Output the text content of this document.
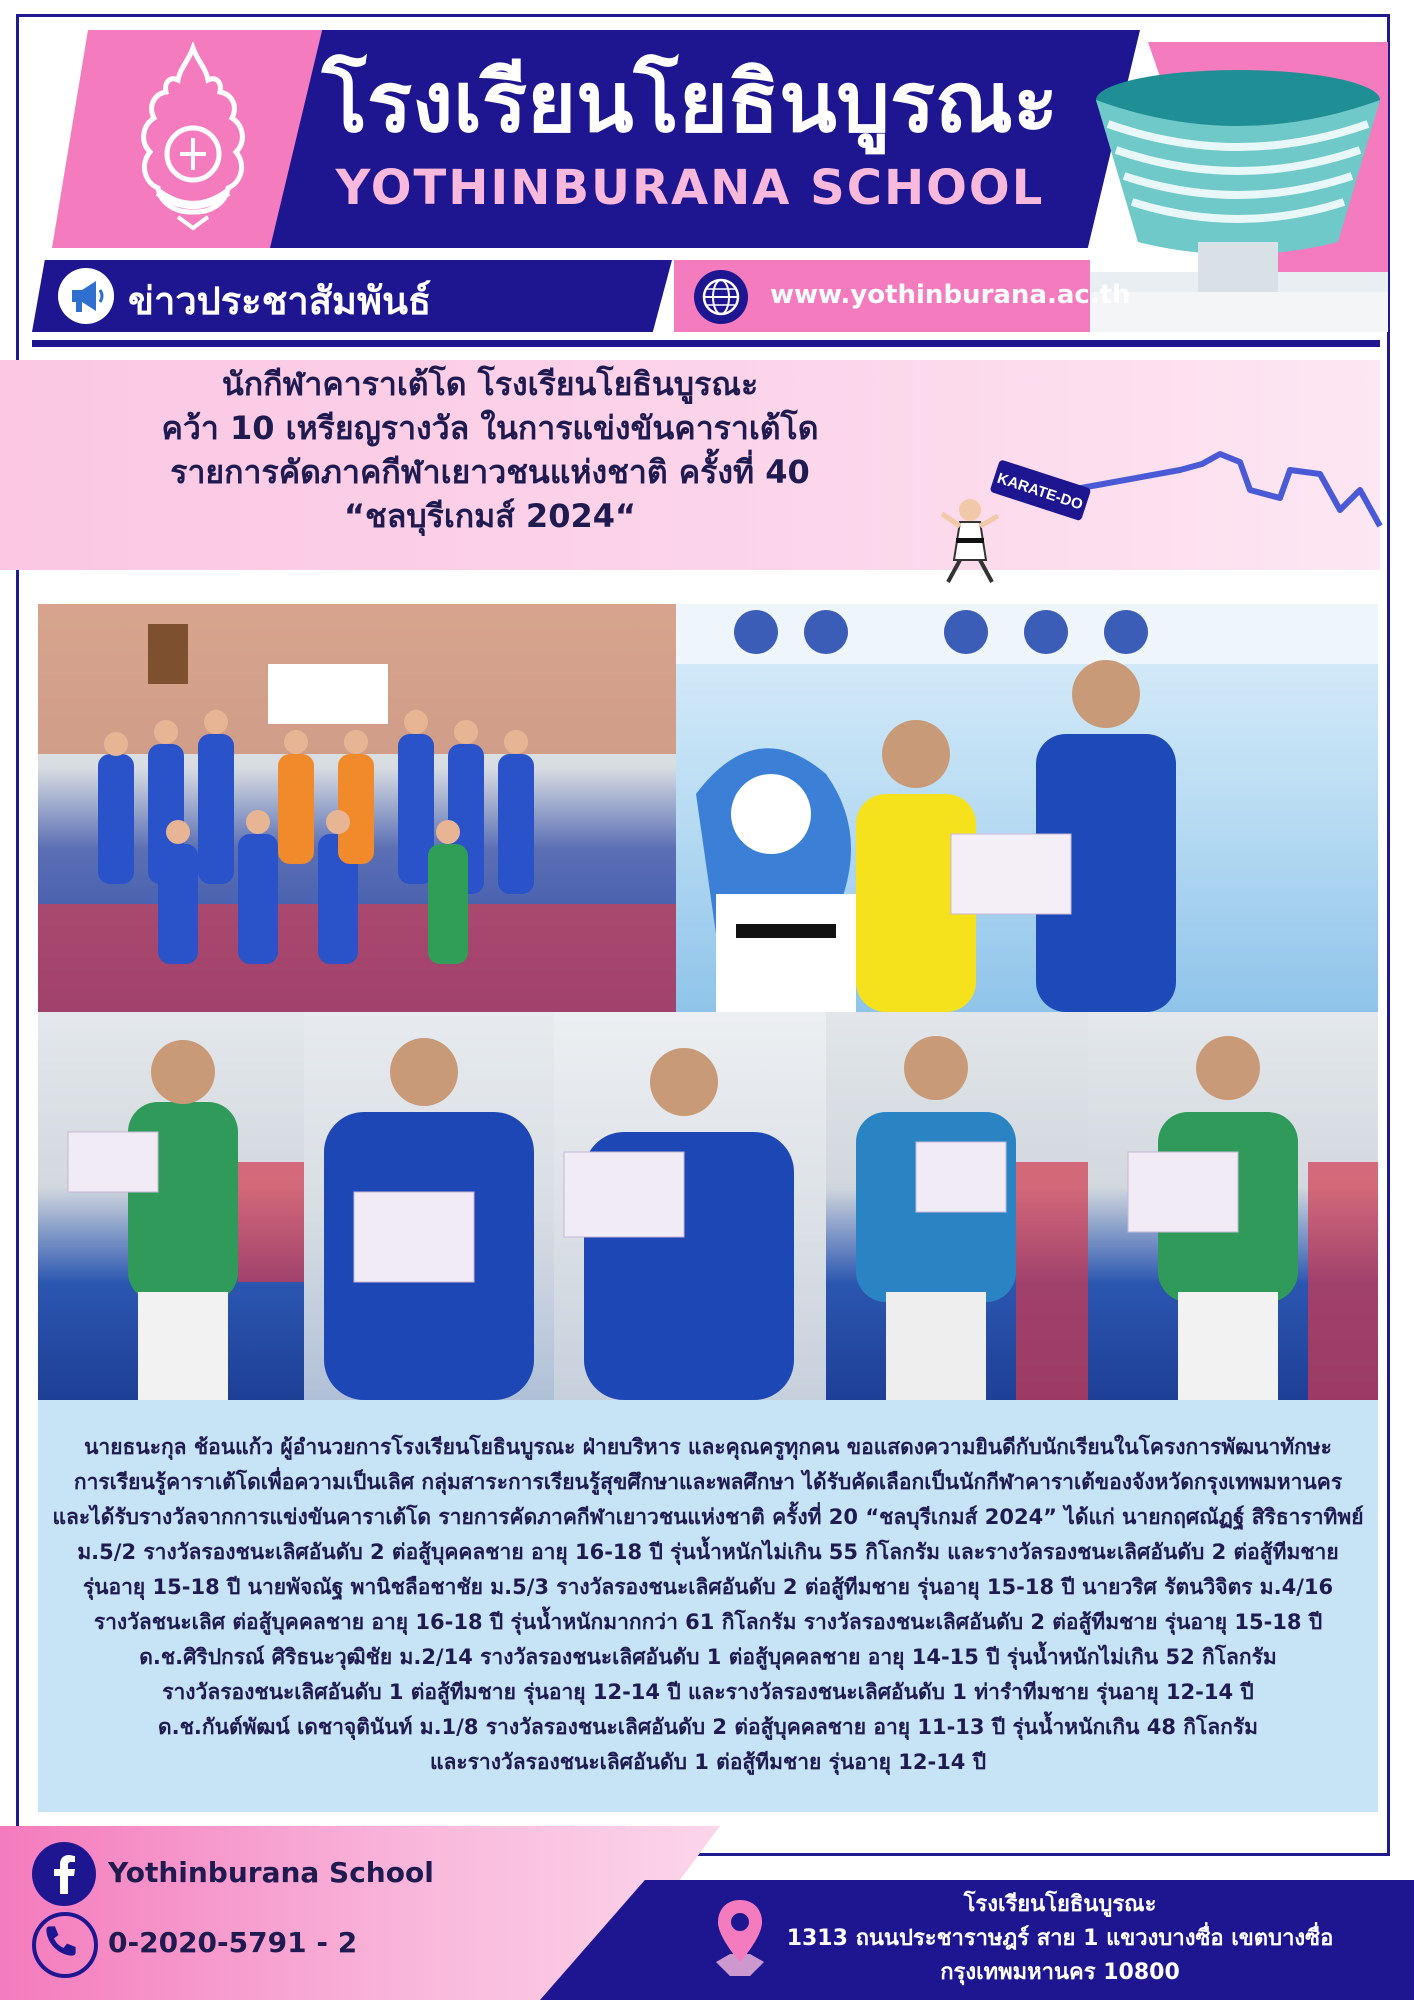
โรงเรียนโยธินบูรณะ
YOTHINBURANA SCHOOL
ข่าวประชาสัมพันธ์	www.yothinburana.ac.th
นักกีฬาคาราเต้โด โรงเรียนโยธินบูรณะ
คว้า 10 เหรียญรางวัล ในการแข่งขันคาราเต้โด
รายการคัดภาคกีฬาเยาวชนแห่งชาติ ครั้งที่ 40
“ชลบุรีเกมส์ 2024“
KARATE-DO
นายธนะกุล ช้อนแก้ว ผู้อำนวยการโรงเรียนโยธินบูรณะ ฝ่ายบริหาร และคุณครูทุกคน ขอแสดงความยินดีกับนักเรียนในโครงการพัฒนาทักษะ
การเรียนรู้คาราเต้โดเพื่อความเป็นเลิศ กลุ่มสาระการเรียนรู้สุขศึกษาและพลศึกษา ได้รับคัดเลือกเป็นนักกีฬาคาราเต้ของจังหวัดกรุงเทพมหานคร
และได้รับรางวัลจากการแข่งขันคาราเต้โด รายการคัดภาคกีฬาเยาวชนแห่งชาติ ครั้งที่ 20 “ชลบุรีเกมส์ 2024” ได้แก่ นายกฤศณัฏฐ์ สิริธาราทิพย์
ม.5/2 รางวัลรองชนะเลิศอันดับ 2 ต่อสู้บุคคลชาย อายุ 16-18 ปี รุ่นน้ำหนักไม่เกิน 55 กิโลกรัม และรางวัลรองชนะเลิศอันดับ 2 ต่อสู้ทีมชาย
รุ่นอายุ 15-18 ปี นายพัจณัฐ พานิชลือชาชัย ม.5/3 รางวัลรองชนะเลิศอันดับ 2 ต่อสู้ทีมชาย รุ่นอายุ 15-18 ปี นายวริศ รัตนวิจิตร ม.4/16
รางวัลชนะเลิศ ต่อสู้บุคคลชาย อายุ 16-18 ปี รุ่นน้ำหนักมากกว่า 61 กิโลกรัม รางวัลรองชนะเลิศอันดับ 2 ต่อสู้ทีมชาย รุ่นอายุ 15-18 ปี
ด.ช.ศิริปกรณ์ ศิริธนะวุฒิชัย ม.2/14 รางวัลรองชนะเลิศอันดับ 1 ต่อสู้บุคคลชาย อายุ 14-15 ปี รุ่นน้ำหนักไม่เกิน 52 กิโลกรัม
รางวัลรองชนะเลิศอันดับ 1 ต่อสู้ทีมชาย รุ่นอายุ 12-14 ปี และรางวัลรองชนะเลิศอันดับ 1 ท่ารำทีมชาย รุ่นอายุ 12-14 ปี
ด.ช.กันต์พัฒน์ เดชาจุตินันท์ ม.1/8 รางวัลรองชนะเลิศอันดับ 2 ต่อสู้บุคคลชาย อายุ 11-13 ปี รุ่นน้ำหนักเกิน 48 กิโลกรัม
และรางวัลรองชนะเลิศอันดับ 1 ต่อสู้ทีมชาย รุ่นอายุ 12-14 ปี
Yothinburana School
0-2020-5791 - 2
โรงเรียนโยธินบูรณะ
1313 ถนนประชาราษฎร์ สาย 1 แขวงบางซื่อ เขตบางซื่อ
กรุงเทพมหานคร 10800
